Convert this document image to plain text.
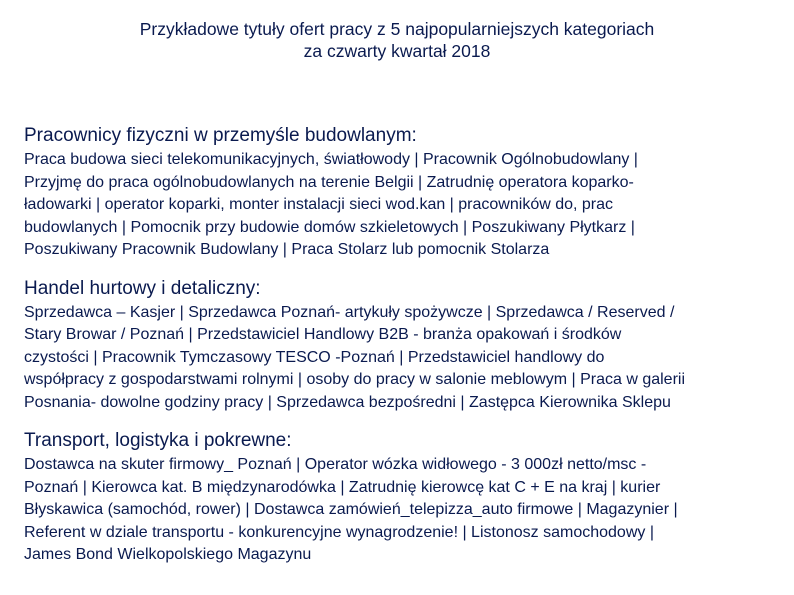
Przykładowe tytuły ofert pracy z 5 najpopularniejszych kategoriach
za czwarty kwartał 2018
Pracownicy fizyczni w przemyśle budowlanym:
Praca budowa sieci telekomunikacyjnych, światłowody | Pracownik Ogólnobudowlany |
Przyjmę do praca ogólnobudowlanych na terenie Belgii | Zatrudnię operatora koparko-
ładowarki | operator koparki, monter instalacji sieci wod.kan | pracowników do, prac
budowlanych | Pomocnik przy budowie domów szkieletowych | Poszukiwany Płytkarz |
Poszukiwany Pracownik Budowlany | Praca Stolarz lub pomocnik Stolarza
Handel hurtowy i detaliczny:
Sprzedawca – Kasjer | Sprzedawca Poznań- artykuły spożywcze | Sprzedawca / Reserved /
Stary Browar / Poznań | Przedstawiciel Handlowy B2B - branża opakowań i środków
czystości | Pracownik Tymczasowy TESCO -Poznań | Przedstawiciel handlowy do
współpracy z gospodarstwami rolnymi | osoby do pracy w salonie meblowym | Praca w galerii
Posnania- dowolne godziny pracy | Sprzedawca bezpośredni | Zastępca Kierownika Sklepu
Transport, logistyka i pokrewne:
Dostawca na skuter firmowy_ Poznań | Operator wózka widłowego - 3 000zł netto/msc -
Poznań | Kierowca kat. B międzynarodówka | Zatrudnię kierowcę kat C + E na kraj | kurier
Błyskawica (samochód, rower) | Dostawca zamówień_telepizza_auto firmowe | Magazynier |
Referent w dziale transportu - konkurencyjne wynagrodzenie! | Listonosz samochodowy |
James Bond Wielkopolskiego Magazynu
